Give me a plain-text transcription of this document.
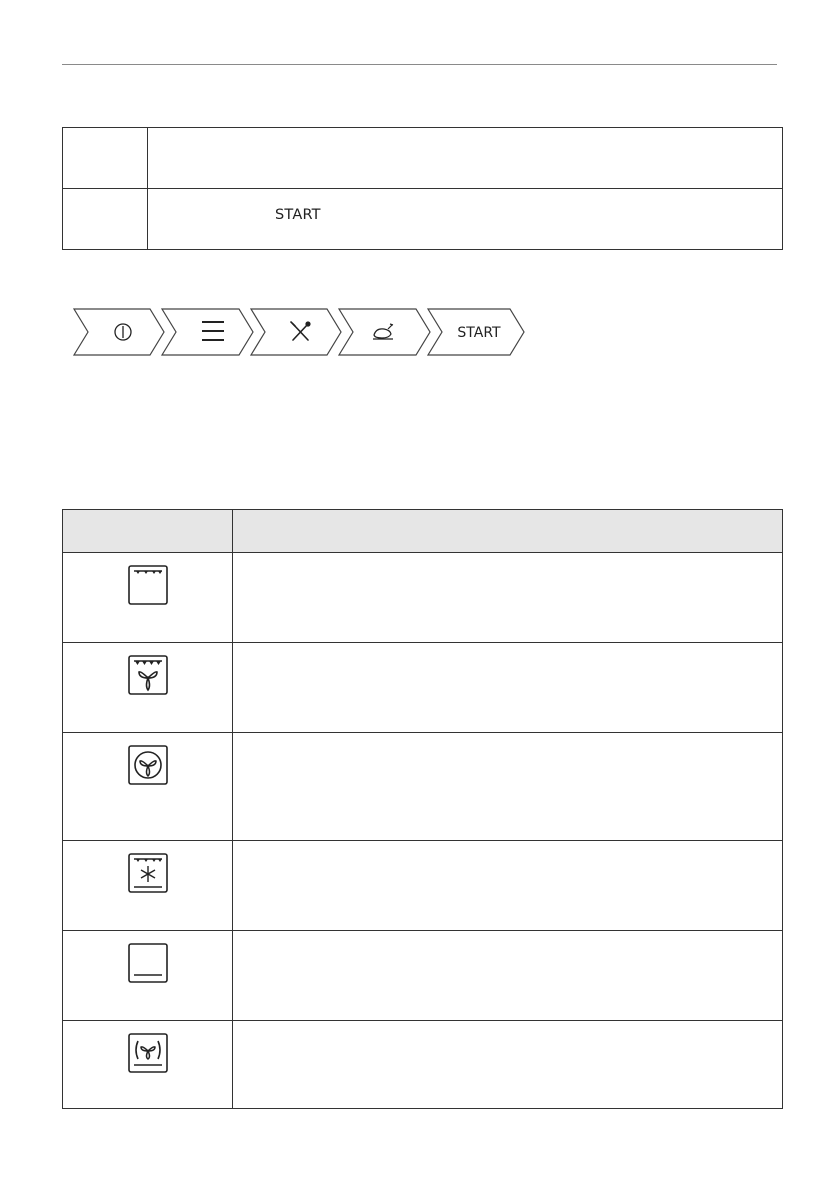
	START
START
